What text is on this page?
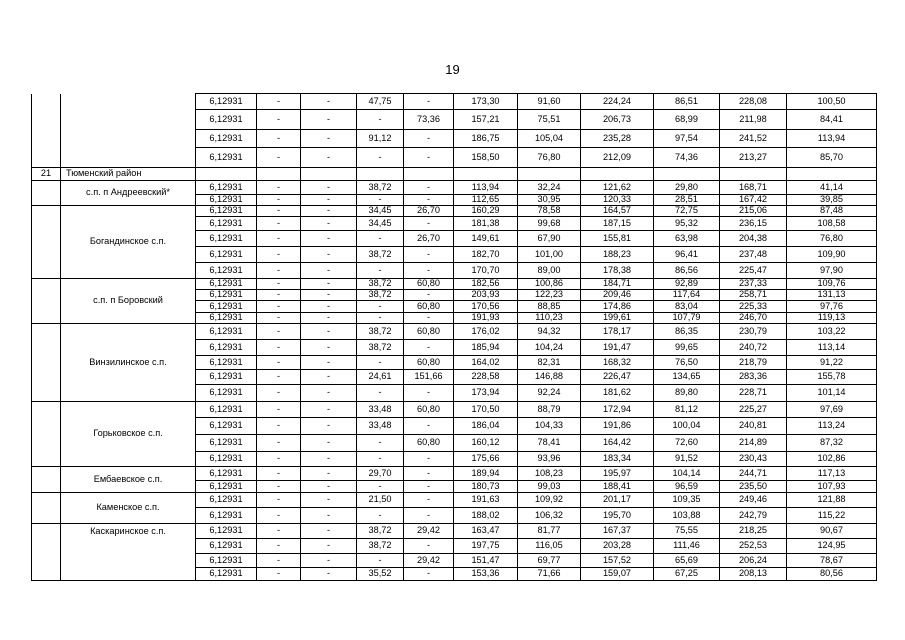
19
		6,12931	-	-	47,75	-	173,30	91,60	224,24	86,51	228,08	100,50
		6,12931	-	-	-	73,36	157,21	75,51	206,73	68,99	211,98	84,41
		6,12931	-	-	91,12	-	186,75	105,04	235,28	97,54	241,52	113,94
		6,12931	-	-	-	-	158,50	76,80	212,09	74,36	213,27	85,70
21	Тюменский район											
	с.п. п Андреевский*	6,12931	-	-	38,72	-	113,94	32,24	121,62	29,80	168,71	41,14
		6,12931	-	-	-	-	112,65	30,95	120,33	28,51	167,42	39,85
	Богандинское с.п.	6,12931	-	-	34,45	26,70	160,29	78,58	164,57	72,75	215,06	87,48
		6,12931	-	-	34,45	-	181,38	99,68	187,15	95,32	236,15	108,58
		6,12931	-	-	-	26,70	149,61	67,90	155,81	63,98	204,38	76,80
		6,12931	-	-	38,72	-	182,70	101,00	188,23	96,41	237,48	109,90
		6,12931	-	-	-	-	170,70	89,00	178,38	86,56	225,47	97,90
	с.п. п Боровский	6,12931	-	-	38,72	60,80	182,56	100,86	184,71	92,89	237,33	109,76
		6,12931	-	-	38,72	-	203,93	122,23	209,46	117,64	258,71	131,13
		6,12931	-	-	-	60,80	170,56	88,85	174,86	83,04	225,33	97,76
		6,12931	-	-	-	-	191,93	110,23	199,61	107,79	246,70	119,13
	Винзилинское с.п.	6,12931	-	-	38,72	60,80	176,02	94,32	178,17	86,35	230,79	103,22
		6,12931	-	-	38,72	-	185,94	104,24	191,47	99,65	240,72	113,14
		6,12931	-	-	-	60,80	164,02	82,31	168,32	76,50	218,79	91,22
		6,12931	-	-	24,61	151,66	228,58	146,88	226,47	134,65	283,36	155,78
		6,12931	-	-	-	-	173,94	92,24	181,62	89,80	228,71	101,14
	Горьковское с.п.	6,12931	-	-	33,48	60,80	170,50	88,79	172,94	81,12	225,27	97,69
		6,12931	-	-	33,48	-	186,04	104,33	191,86	100,04	240,81	113,24
		6,12931	-	-	-	60,80	160,12	78,41	164,42	72,60	214,89	87,32
		6,12931	-	-	-	-	175,66	93,96	183,34	91,52	230,43	102,86
	Ембаевское с.п.	6,12931	-	-	29,70	-	189,94	108,23	195,97	104,14	244,71	117,13
		6,12931	-	-	-	-	180,73	99,03	188,41	96,59	235,50	107,93
	Каменское с.п.	6,12931	-	-	21,50	-	191,63	109,92	201,17	109,35	249,46	121,88
		6,12931	-	-	-	-	188,02	106,32	195,70	103,88	242,79	115,22
	Каскаринское с.п.	6,12931	-	-	38,72	29,42	163,47	81,77	167,37	75,55	218,25	90,67
		6,12931	-	-	38,72	-	197,75	116,05	203,28	111,46	252,53	124,95
		6,12931	-	-	-	29,42	151,47	69,77	157,52	65,69	206,24	78,67
		6,12931	-	-	35,52	-	153,36	71,66	159,07	67,25	208,13	80,56
